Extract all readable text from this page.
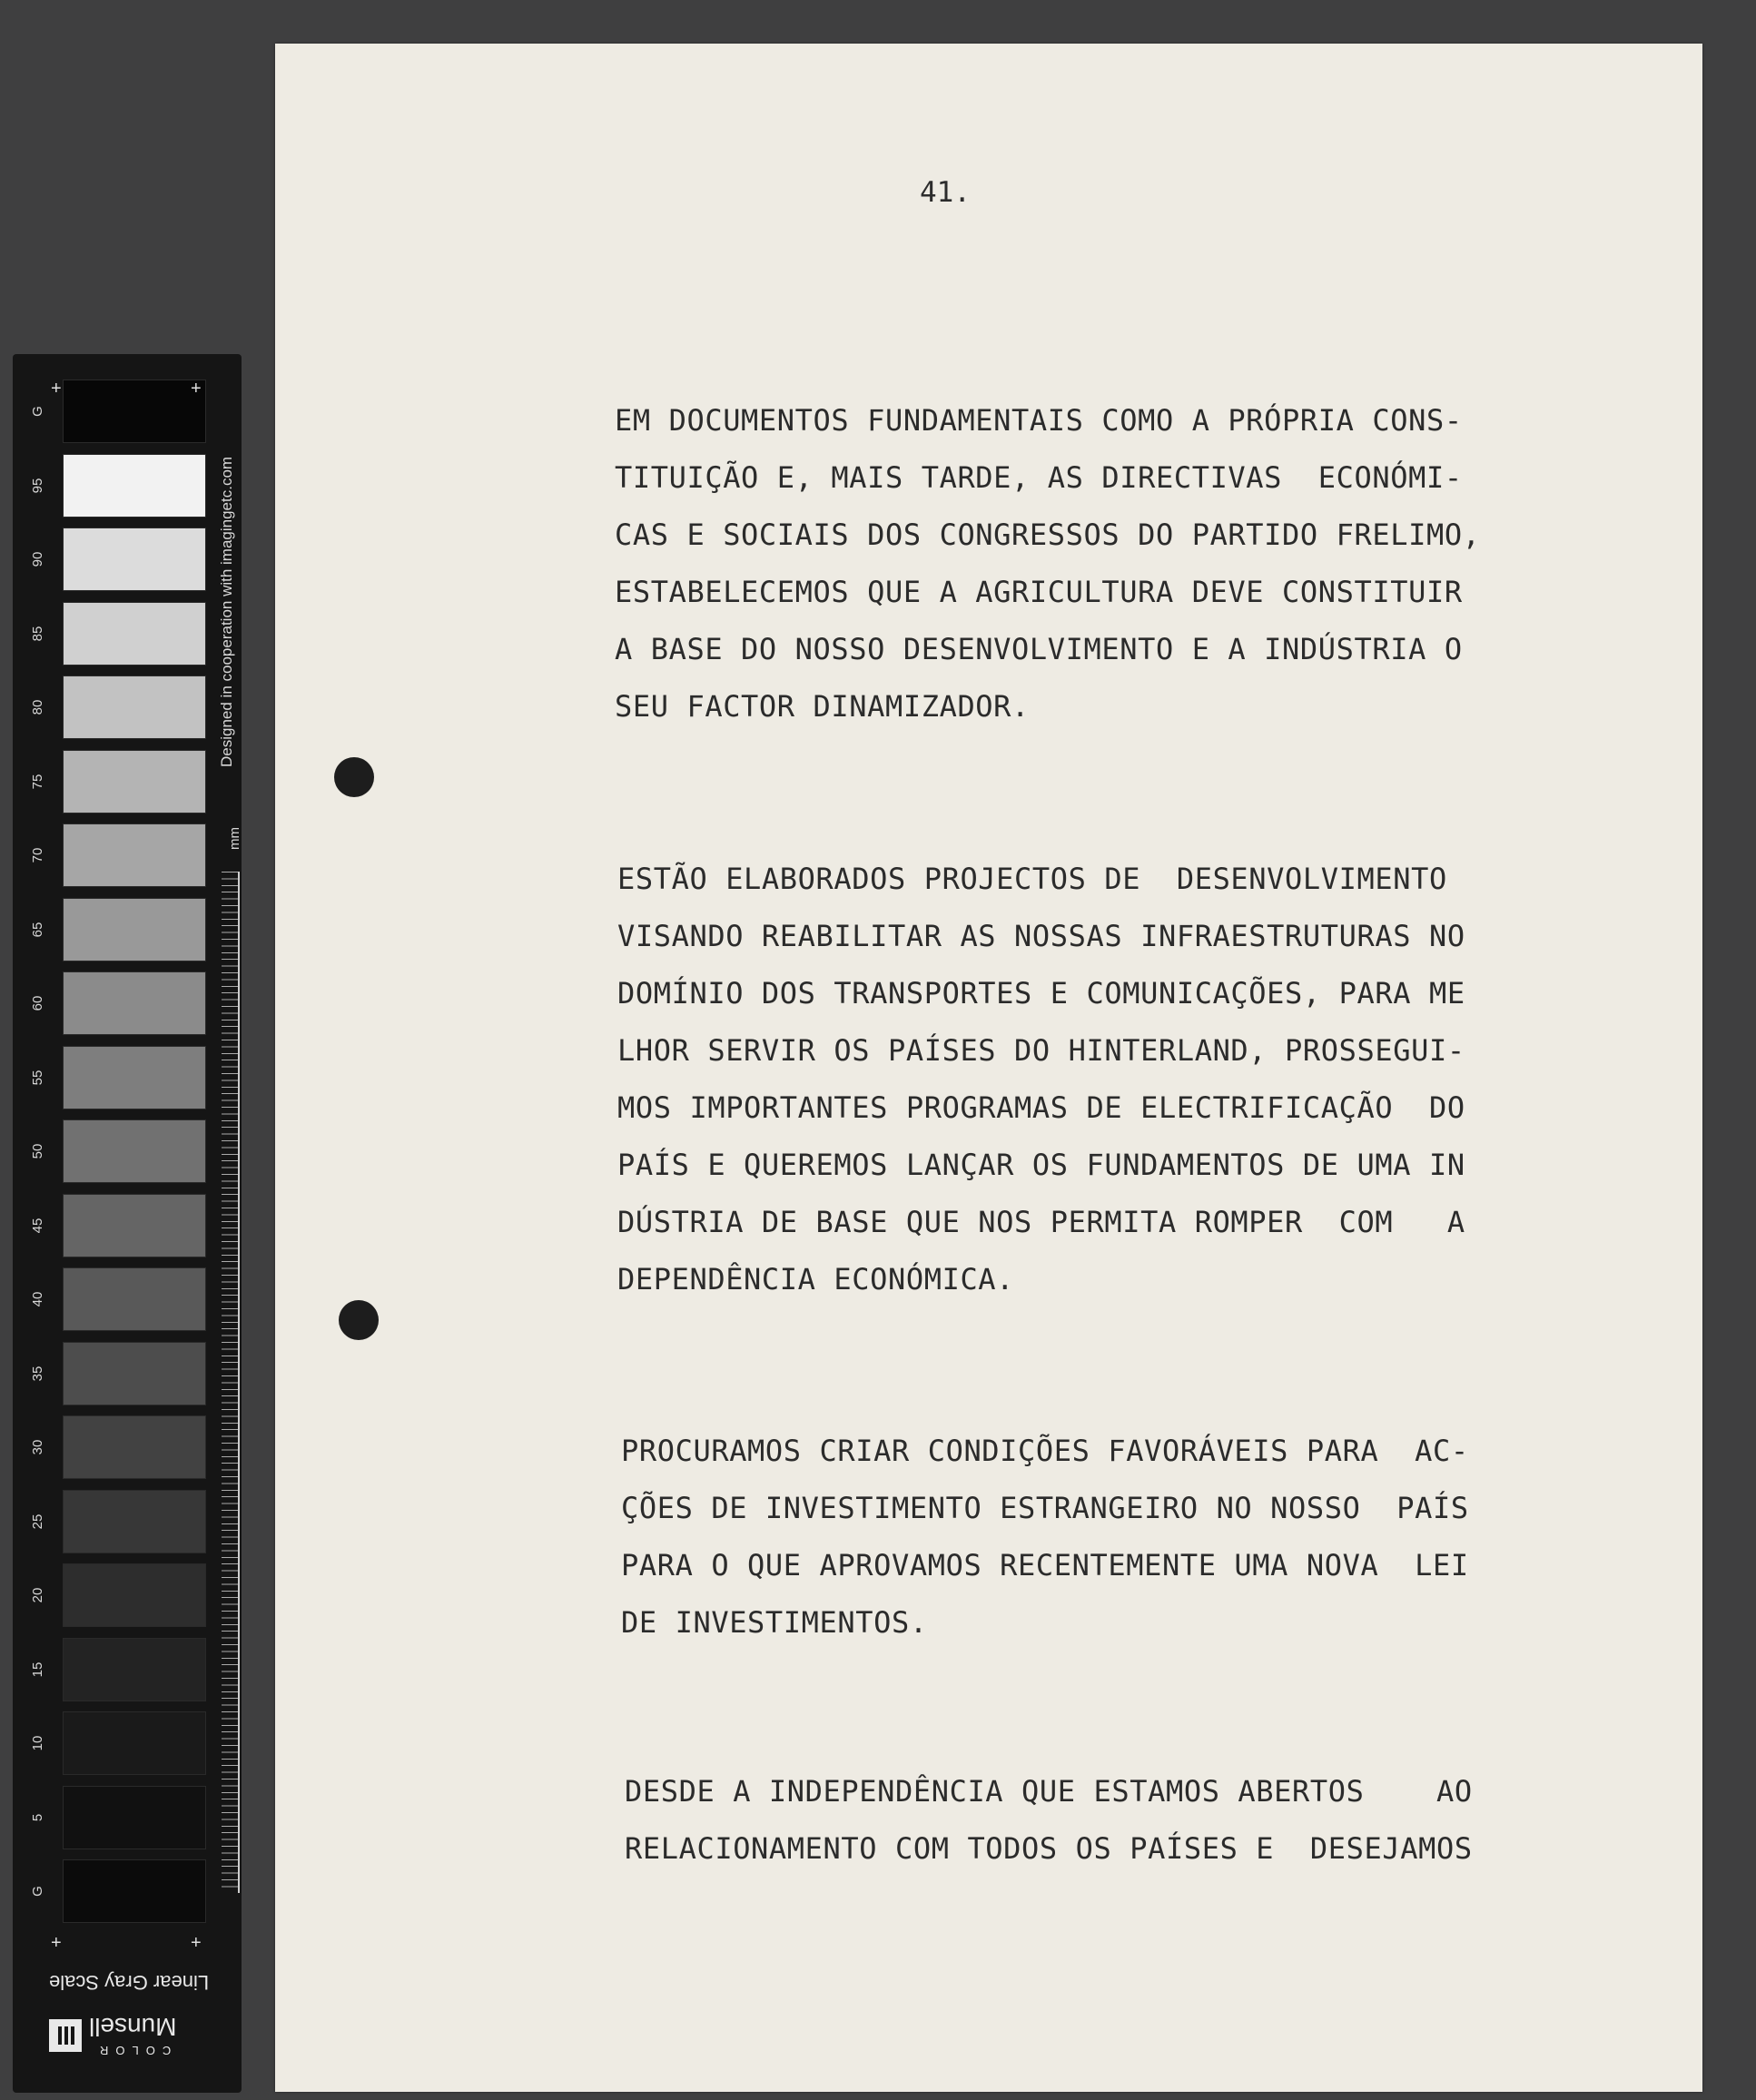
G
95
90
85
80
75
70
65
60
55
50
45
40
35
30
25
20
15
10
5
G
+	+
+	+
Designed in cooperation with imagingetc.com
mm
Linear Gray Scale
Munsell
COLOR
41.
EM DOCUMENTOS FUNDAMENTAIS COMO A PRÓPRIA CONS-
TITUIÇÃO E, MAIS TARDE, AS DIRECTIVAS  ECONÓMI-
CAS E SOCIAIS DOS CONGRESSOS DO PARTIDO FRELIMO,
ESTABELECEMOS QUE A AGRICULTURA DEVE CONSTITUIR
A BASE DO NOSSO DESENVOLVIMENTO E A INDÚSTRIA O
SEU FACTOR DINAMIZADOR.
ESTÃO ELABORADOS PROJECTOS DE  DESENVOLVIMENTO
VISANDO REABILITAR AS NOSSAS INFRAESTRUTURAS NO
DOMÍNIO DOS TRANSPORTES E COMUNICAÇÕES, PARA ME
LHOR SERVIR OS PAÍSES DO HINTERLAND, PROSSEGUI-
MOS IMPORTANTES PROGRAMAS DE ELECTRIFICAÇÃO  DO
PAÍS E QUEREMOS LANÇAR OS FUNDAMENTOS DE UMA IN
DÚSTRIA DE BASE QUE NOS PERMITA ROMPER  COM   A
DEPENDÊNCIA ECONÓMICA.
PROCURAMOS CRIAR CONDIÇÕES FAVORÁVEIS PARA  AC-
ÇÕES DE INVESTIMENTO ESTRANGEIRO NO NOSSO  PAÍS
PARA O QUE APROVAMOS RECENTEMENTE UMA NOVA  LEI
DE INVESTIMENTOS.
DESDE A INDEPENDÊNCIA QUE ESTAMOS ABERTOS    AO
RELACIONAMENTO COM TODOS OS PAÍSES E  DESEJAMOS
